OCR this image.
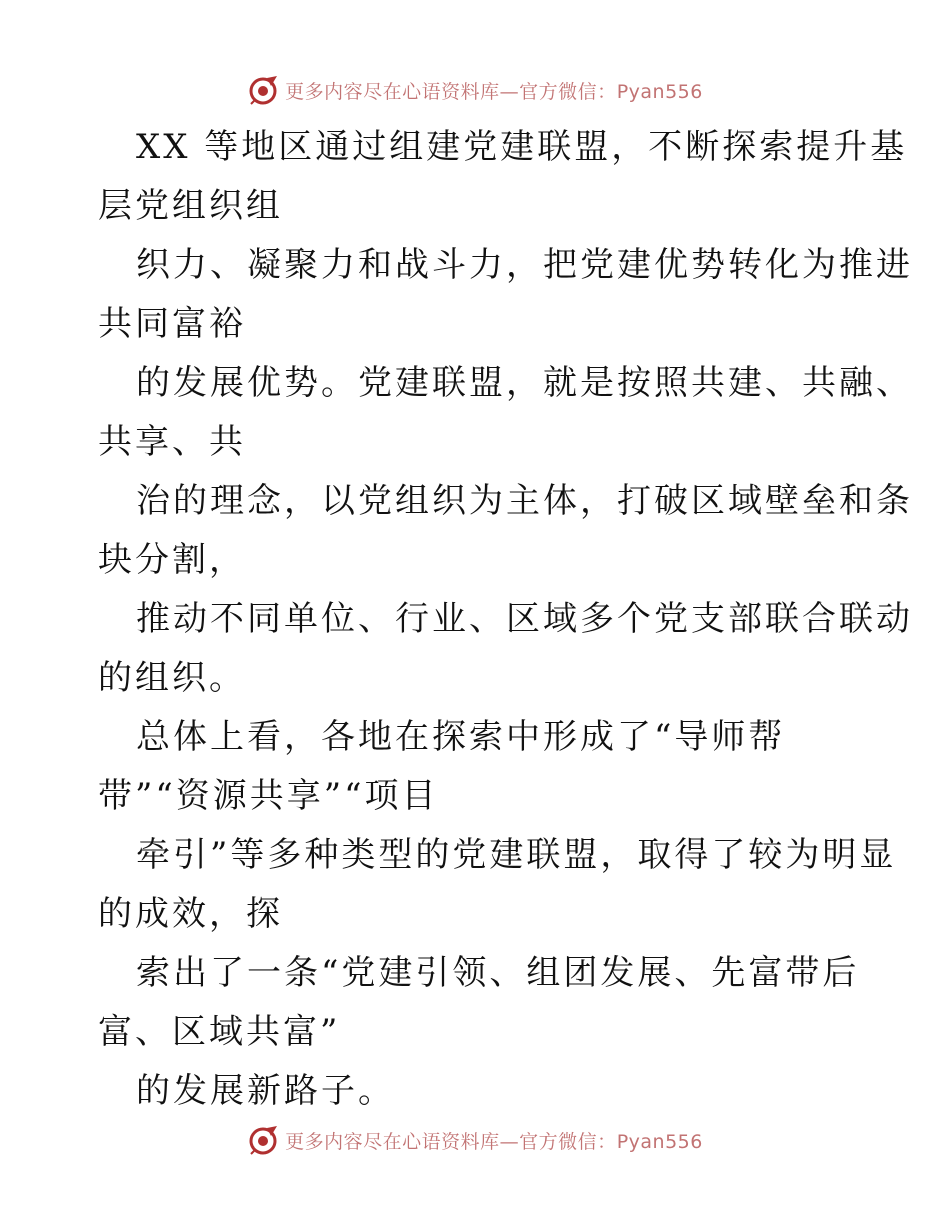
更多内容尽在心语资料库—官方微信：Pyan556
XX 等地区通过组建党建联盟，不断探索提升基
层党组织组
织力、凝聚力和战斗力，把党建优势转化为推进
共同富裕
的发展优势。党建联盟，就是按照共建、共融、
共享、共
治的理念，以党组织为主体，打破区域壁垒和条
块分割，
推动不同单位、行业、区域多个党支部联合联动
的组织。
总体上看，各地在探索中形成了“导师帮
带”“资源共享”“项目
牵引”等多种类型的党建联盟，取得了较为明显
的成效，探
索出了一条“党建引领、组团发展、先富带后
富、区域共富”
的发展新路子。
更多内容尽在心语资料库—官方微信：Pyan556
